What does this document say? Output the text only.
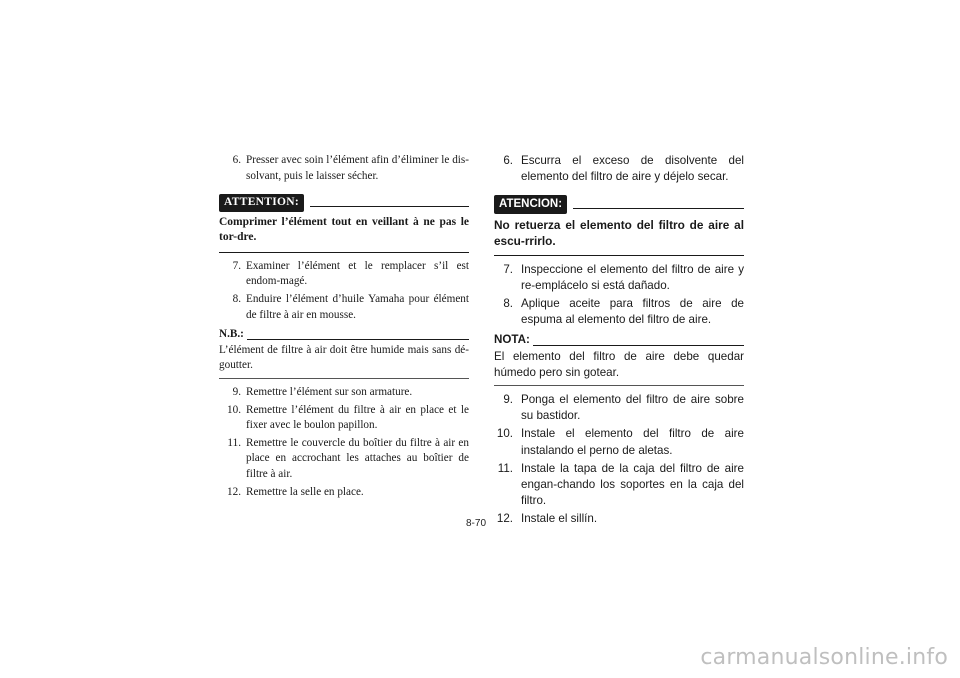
6. Presser avec soin l’élément afin d’éliminer le dis-solvant, puis le laisser sécher.
ATTENTION:
Comprimer l’élément tout en veillant à ne pas le tor-dre.
7. Examiner l’élément et le remplacer s’il est endom-magé.
8. Enduire l’élément d’huile Yamaha pour élément de filtre à air en mousse.
N.B.:
L’élément de filtre à air doit être humide mais sans dé-goutter.
9. Remettre l’élément sur son armature.
10. Remettre l’élément du filtre à air en place et le fixer avec le boulon papillon.
11. Remettre le couvercle du boîtier du filtre à air en place en accrochant les attaches au boîtier de filtre à air.
12. Remettre la selle en place.
6. Escurra el exceso de disolvente del elemento del filtro de aire y déjelo secar.
ATENCION:
No retuerza el elemento del filtro de aire al escu-rrirlo.
7. Inspeccione el elemento del filtro de aire y re-emplácelo si está dañado.
8. Aplique aceite para filtros de aire de espuma al elemento del filtro de aire.
NOTA:
El elemento del filtro de aire debe quedar húmedo pero sin gotear.
9. Ponga el elemento del filtro de aire sobre su bastidor.
10. Instale el elemento del filtro de aire instalando el perno de aletas.
11. Instale la tapa de la caja del filtro de aire engan-chando los soportes en la caja del filtro.
12. Instale el sillín.
8-70
carmanualsonline.info
